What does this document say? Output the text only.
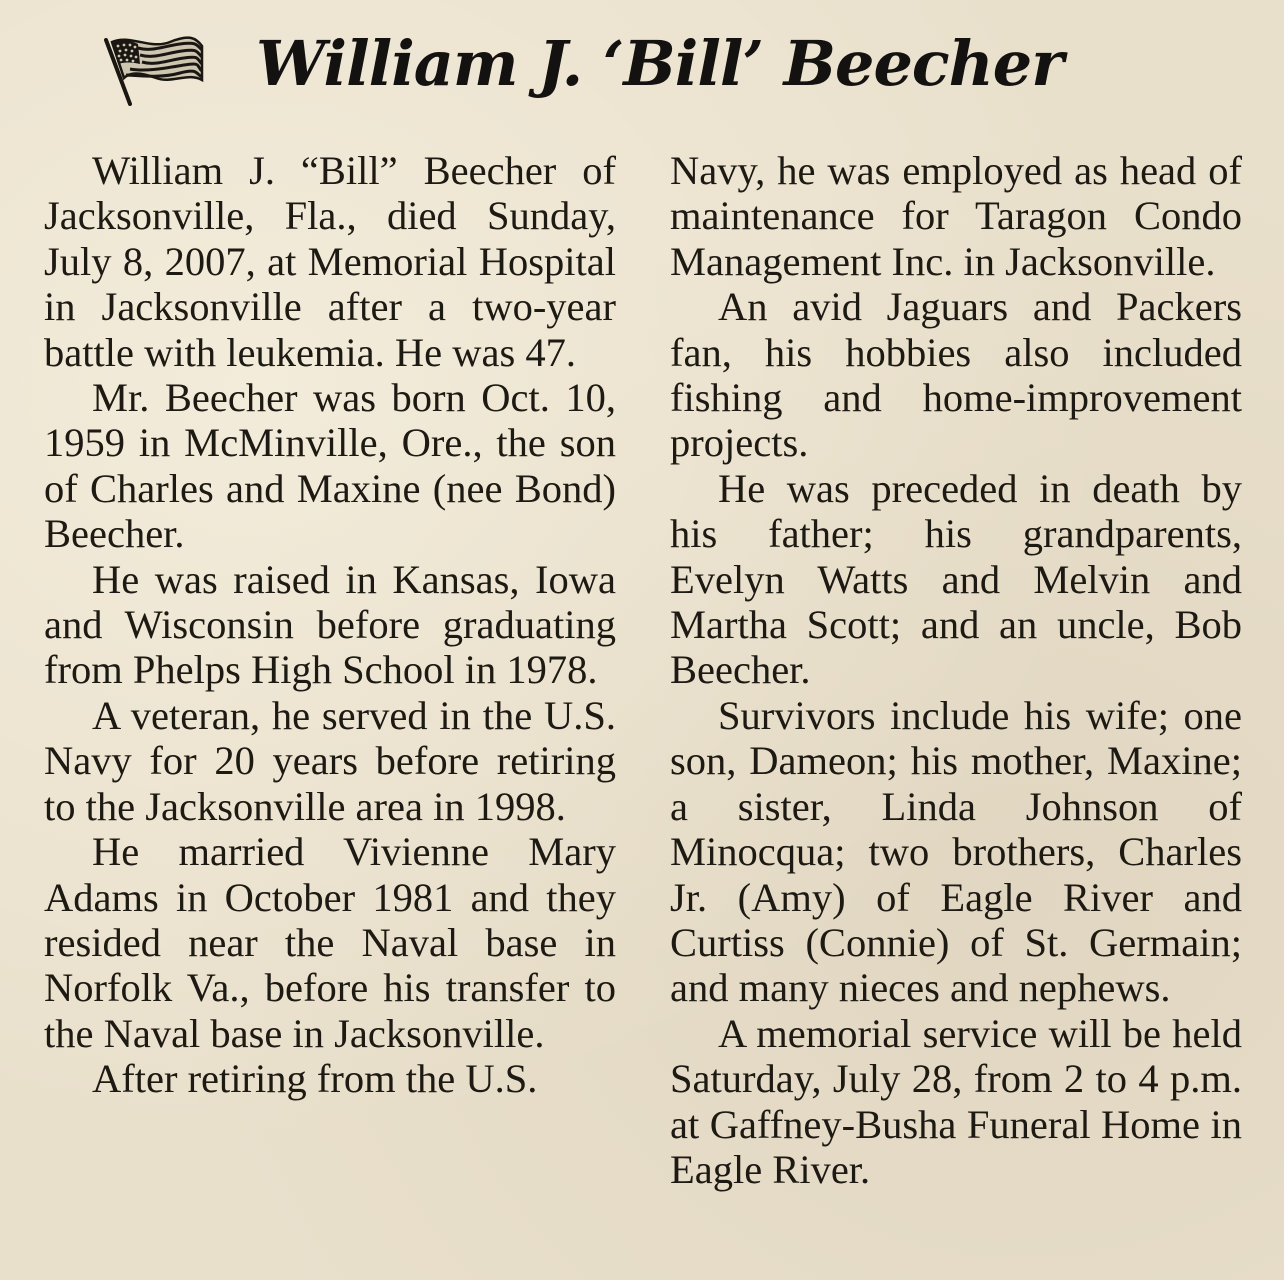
William J. ‘Bill’ Beecher

William J. “Bill” Beecher of Jacksonville, Fla., died Sunday, July 8, 2007, at Memorial Hospital in Jacksonville after a two-year battle with leukemia. He was 47.

Mr. Beecher was born Oct. 10, 1959 in McMinville, Ore., the son of Charles and Maxine (nee Bond) Beecher.

He was raised in Kansas, Iowa and Wisconsin before graduating from Phelps High School in 1978.

A veteran, he served in the U.S. Navy for 20 years before retiring to the Jacksonville area in 1998.

He married Vivienne Mary Adams in October 1981 and they resided near the Naval base in Norfolk Va., before his transfer to the Naval base in Jacksonville.

After retiring from the U.S.

Navy, he was employed as head of maintenance for Taragon Condo Management Inc. in Jacksonville.

An avid Jaguars and Packers fan, his hobbies also included fishing and home-improvement projects.

He was preceded in death by his father; his grandparents, Evelyn Watts and Melvin and Martha Scott; and an uncle, Bob Beecher.

Survivors include his wife; one son, Dameon; his mother, Maxine; a sister, Linda Johnson of Minocqua; two brothers, Charles Jr. (Amy) of Eagle River and Curtiss (Connie) of St. Germain; and many nieces and nephews.

A memorial service will be held Saturday, July 28, from 2 to 4 p.m. at Gaffney-Busha Funeral Home in Eagle River.
